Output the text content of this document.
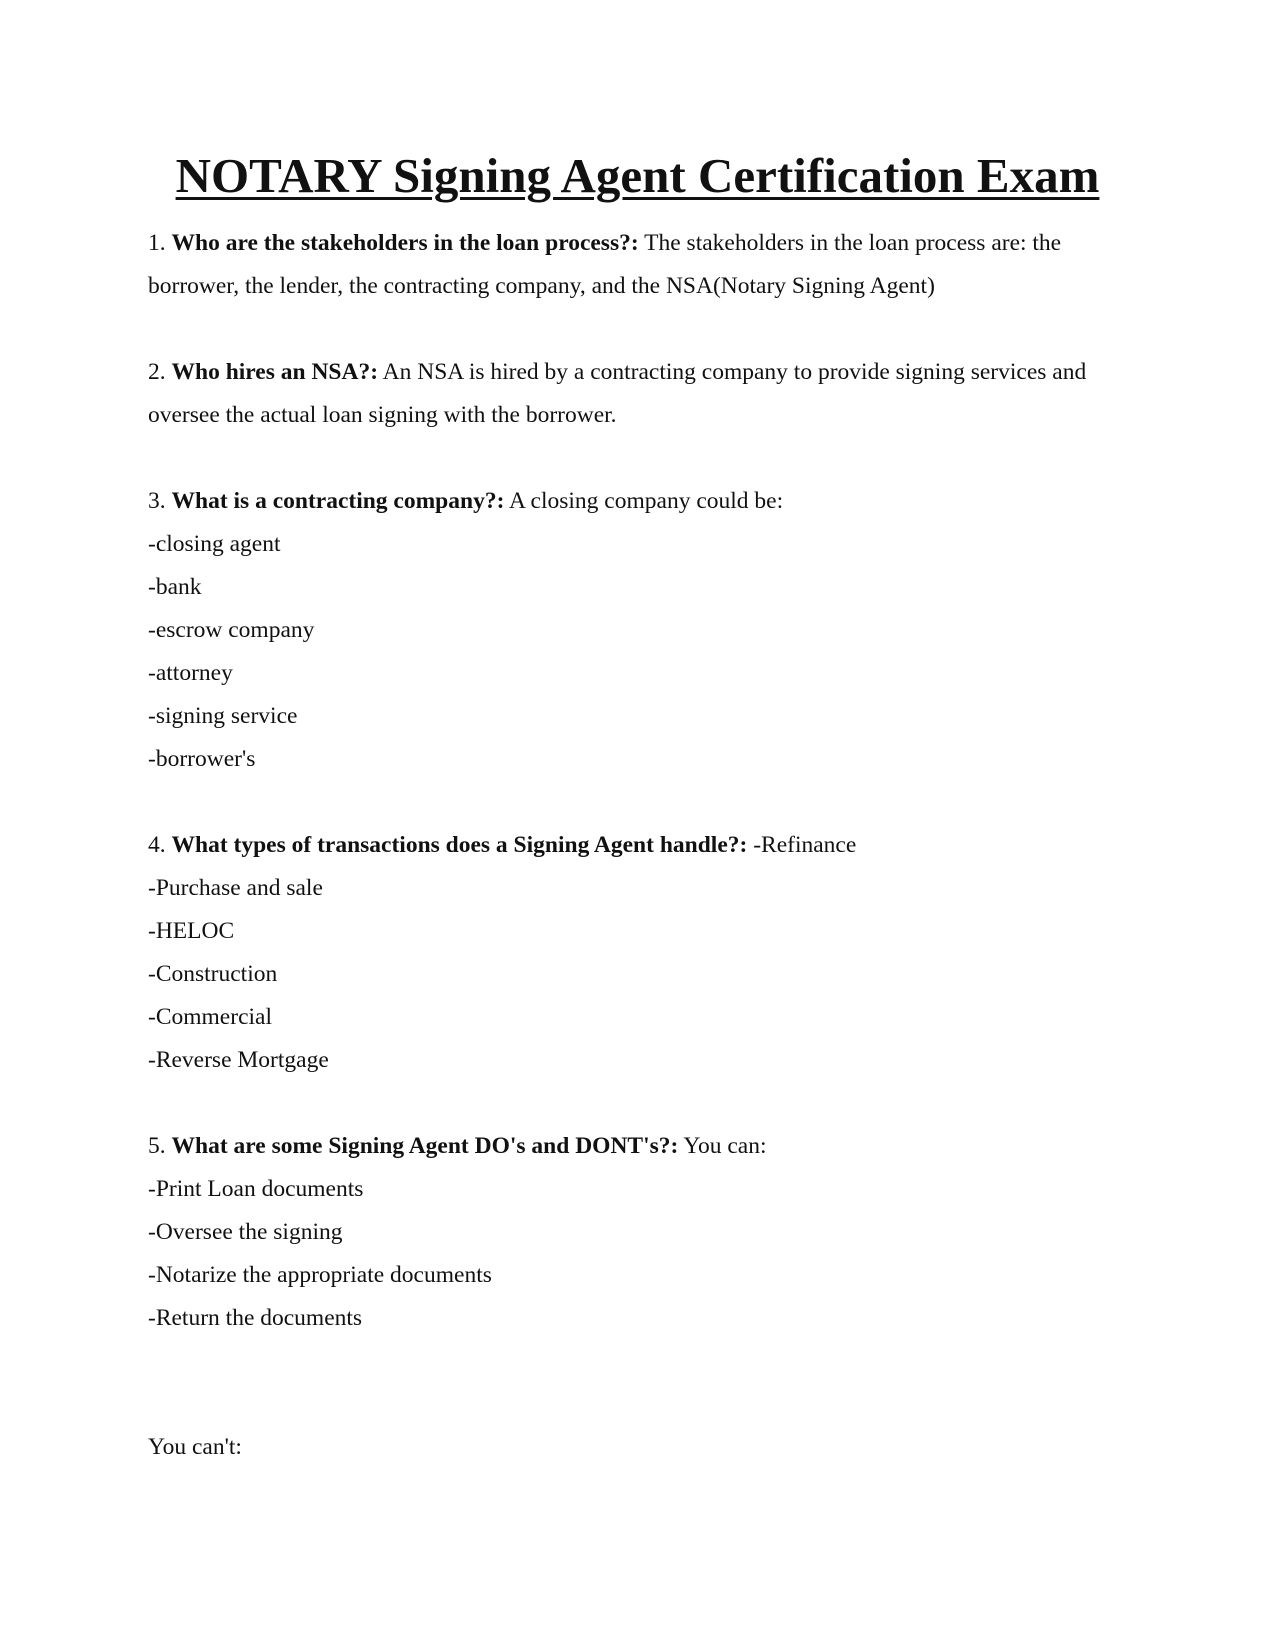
NOTARY Signing Agent Certification Exam

1. Who are the stakeholders in the loan process?: The stakeholders in the loan process are: the borrower, the lender, the contracting company, and the NSA(Notary Signing Agent)

2. Who hires an NSA?: An NSA is hired by a contracting company to provide signing services and oversee the actual loan signing with the borrower.

3. What is a contracting company?: A closing company could be:

-closing agent

-bank

-escrow company

-attorney

-signing service

-borrower's

4. What types of transactions does a Signing Agent handle?: -Refinance

-Purchase and sale

-HELOC

-Construction

-Commercial

-Reverse Mortgage

5. What are some Signing Agent DO's and DONT's?: You can:

-Print Loan documents

-Oversee the signing

-Notarize the appropriate documents

-Return the documents

You can't:
